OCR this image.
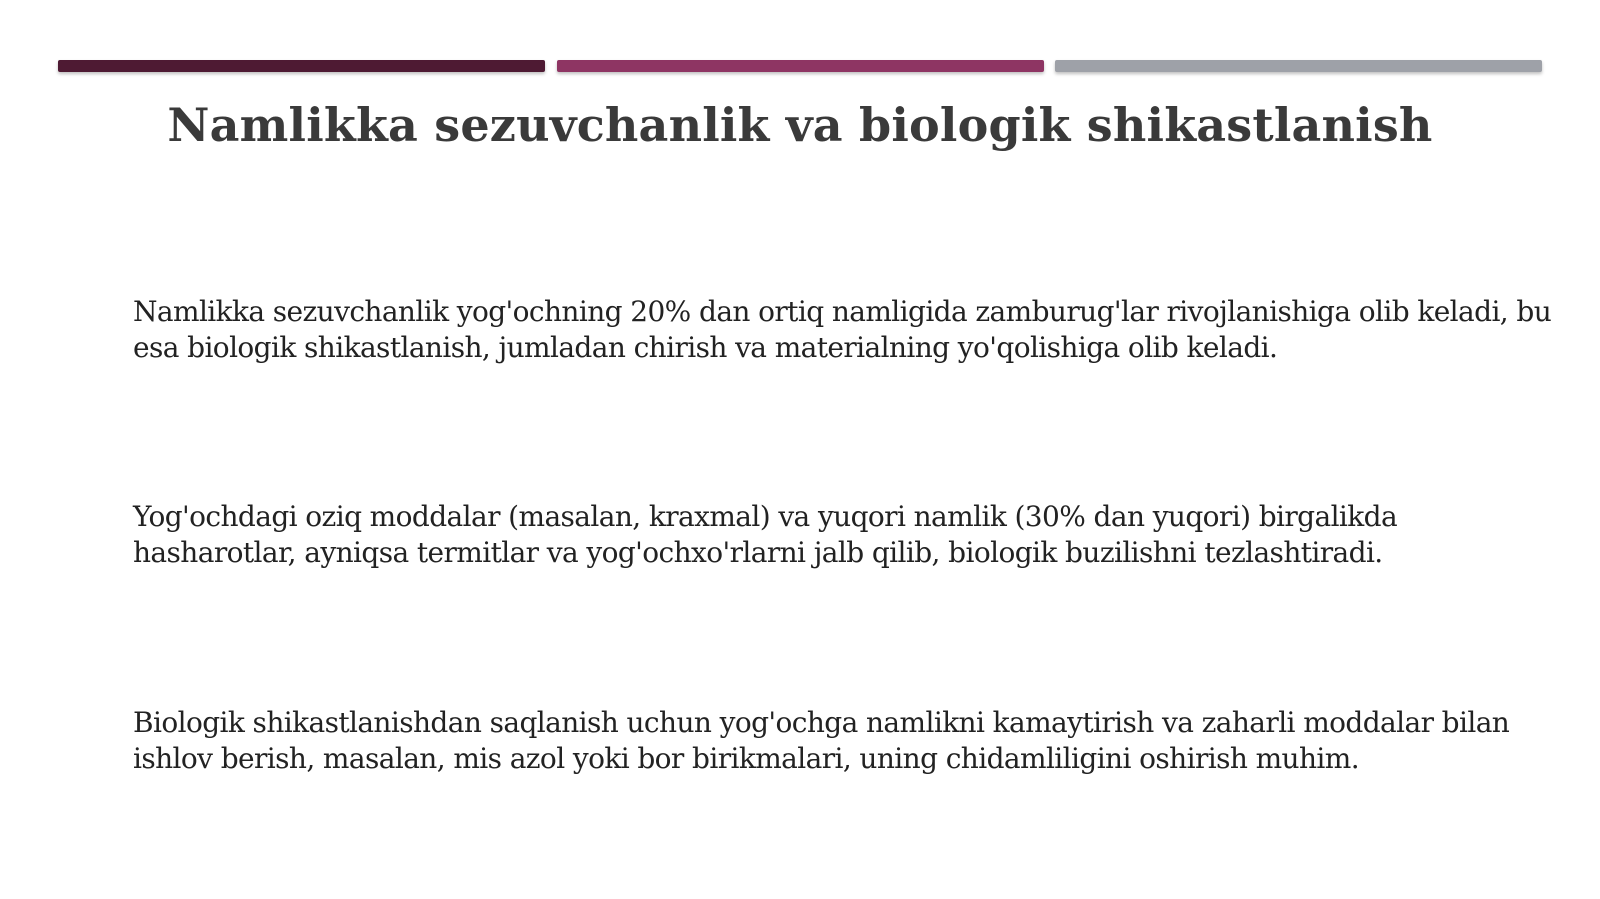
Namlikka sezuvchanlik va biologik shikastlanish
Namlikka sezuvchanlik yog'ochning 20% dan ortiq namligida zamburug'lar rivojlanishiga olib keladi, bu esa biologik shikastlanish, jumladan chirish va materialning yo'qolishiga olib keladi.
Yog'ochdagi oziq moddalar (masalan, kraxmal) va yuqori namlik (30% dan yuqori) birgalikda hasharotlar, ayniqsa termitlar va yog'ochxo'rlarni jalb qilib, biologik buzilishni tezlashtiradi.
Biologik shikastlanishdan saqlanish uchun yog'ochga namlikni kamaytirish va zaharli moddalar bilan ishlov berish, masalan, mis azol yoki bor birikmalari, uning chidamliligini oshirish muhim.
